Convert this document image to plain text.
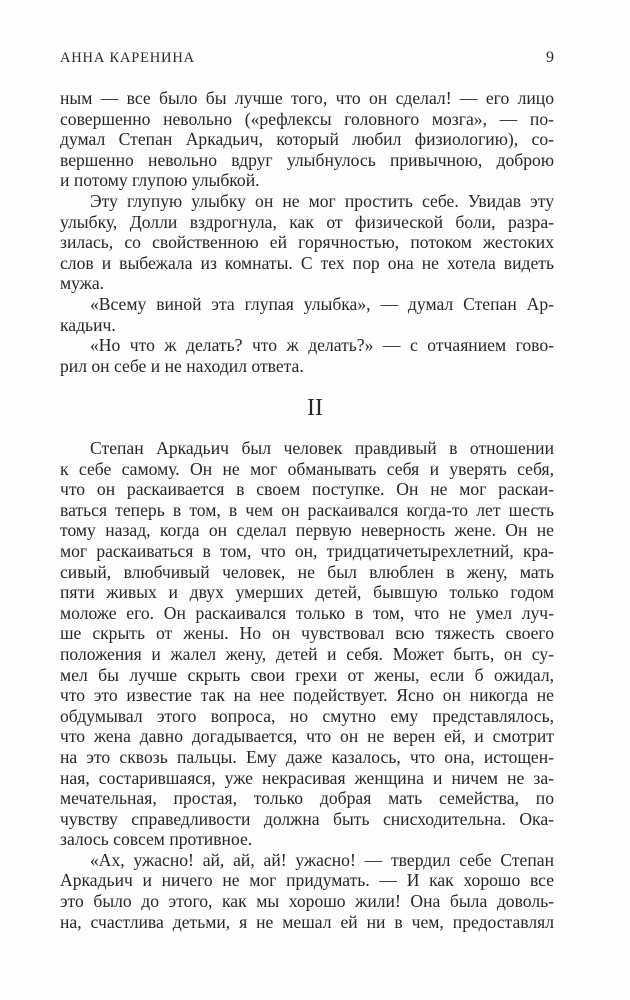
АННА КАРЕНИНА	9
ным — все было бы лучше того, что он сделал! — его лицо
совершенно невольно («рефлексы головного мозга», — по-
думал Степан Аркадьич, который любил физиологию), со-
вершенно невольно вдруг улыбнулось привычною, доброю
и потому глупою улыбкой.
Эту глупую улыбку он не мог простить себе. Увидав эту
улыбку, Долли вздрогнула, как от физической боли, разра-
зилась, со свойственною ей горячностью, потоком жестоких
слов и выбежала из комнаты. С тех пор она не хотела видеть
мужа.
«Всему виной эта глупая улыбка», — думал Степан Ар-
кадьич.
«Но что ж делать? что ж делать?» — с отчаянием гово-
рил он себе и не находил ответа.
II
Степан Аркадьич был человек правдивый в отношении
к себе самому. Он не мог обманывать себя и уверять себя,
что он раскаивается в своем поступке. Он не мог раскаи-
ваться теперь в том, в чем он раскаивался когда-то лет шесть
тому назад, когда он сделал первую неверность жене. Он не
мог раскаиваться в том, что он, тридцатичетырехлетний, кра-
сивый, влюбчивый человек, не был влюблен в жену, мать
пяти живых и двух умерших детей, бывшую только годом
моложе его. Он раскаивался только в том, что не умел луч-
ше скрыть от жены. Но он чувствовал всю тяжесть своего
положения и жалел жену, детей и себя. Может быть, он су-
мел бы лучше скрыть свои грехи от жены, если б ожидал,
что это известие так на нее подействует. Ясно он никогда не
обдумывал этого вопроса, но смутно ему представлялось,
что жена давно догадывается, что он не верен ей, и смотрит
на это сквозь пальцы. Ему даже казалось, что она, истощен-
ная, состарившаяся, уже некрасивая женщина и ничем не за-
мечательная, простая, только добрая мать семейства, по
чувству справедливости должна быть снисходительна. Ока-
залось совсем противное.
«Ах, ужасно! ай, ай, ай! ужасно! — твердил себе Степан
Аркадьич и ничего не мог придумать. — И как хорошо все
это было до этого, как мы хорошо жили! Она была доволь-
на, счастлива детьми, я не мешал ей ни в чем, предоставлял
